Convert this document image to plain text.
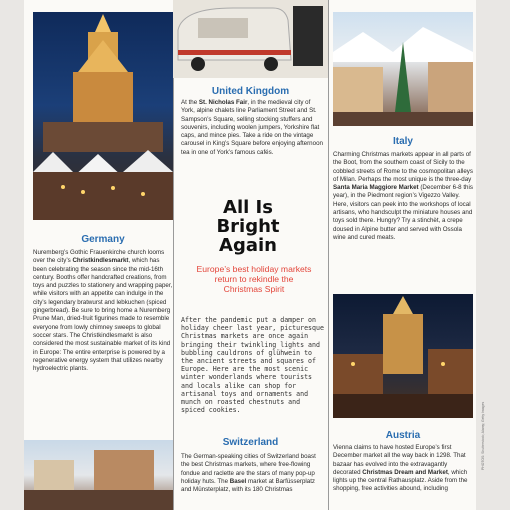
Germany
Nuremberg’s Gothic Frauenkirche church looms over the city’s Christkindlesmarkt, which has been celebrating the season since the mid-16th century. Booths offer handcrafted creations, from toys and puzzles to stationery and wrapping paper, while visitors with an appetite can indulge in the city’s legendary bratwurst and lebkuchen (spiced gingerbread). Be sure to bring home a Nuremberg Prune Man, dried-fruit figurines made to resemble everyone from lowly chimney sweeps to global soccer stars. The Christkindlesmarkt is also considered the most sustainable market of its kind in Europe: The entire enterprise is powered by a regenerative energy system that utilizes nearby hydroelectric plants.
United Kingdom
At the St. Nicholas Fair, in the medieval city of York, alpine chalets line Parliament Street and St. Sampson’s Square, selling stocking stuffers and souvenirs, including woolen jumpers, Yorkshire flat caps, and mince pies. Take a ride on the vintage carousel in King’s Square before enjoying afternoon tea in one of York’s famous cafés.
All Is Bright Again
Europe’s best holiday markets return to rekindle the Christmas Spirit
After the pandemic put a damper on holiday cheer last year, picturesque Christmas markets are once again bringing their twinkling lights and bubbling cauldrons of glühwein to the ancient streets and squares of Europe. Here are the most scenic winter wonderlands where tourists and locals alike can shop for artisanal toys and ornaments and munch on roasted chestnuts and spiced cookies.
Italy
Charming Christmas markets appear in all parts of the Boot, from the southern coast of Sicily to the cobbled streets of Rome to the cosmopolitan alleys of Milan. Perhaps the most unique is the three-day Santa Maria Maggiore Market (December 6-8 this year), in the Piedmont region’s Vigezzo Valley. Here, visitors can peek into the workshops of local artisans, who handsculpt the miniature houses and toys sold there. Hungry? Try a stinchèt, a crepe doused in Alpine butter and served with Ossola wine and cured meats.
Austria
Vienna claims to have hosted Europe’s first December market all the way back in 1298. That bazaar has evolved into the extravagantly decorated Christmas Dream and Market, which lights up the central Rathausplatz. Aside from the shopping, free activities abound, including
Switzerland
The German-speaking cities of Switzerland boast the best Christmas markets, where free-flowing fondue and raclette are the stars of many pop-up holiday huts. The Basel market at Barfüsserplatz and Münsterplatz, with its 180 Christmas
PHOTOS: Shutterstock; Alamy; Getty Images
